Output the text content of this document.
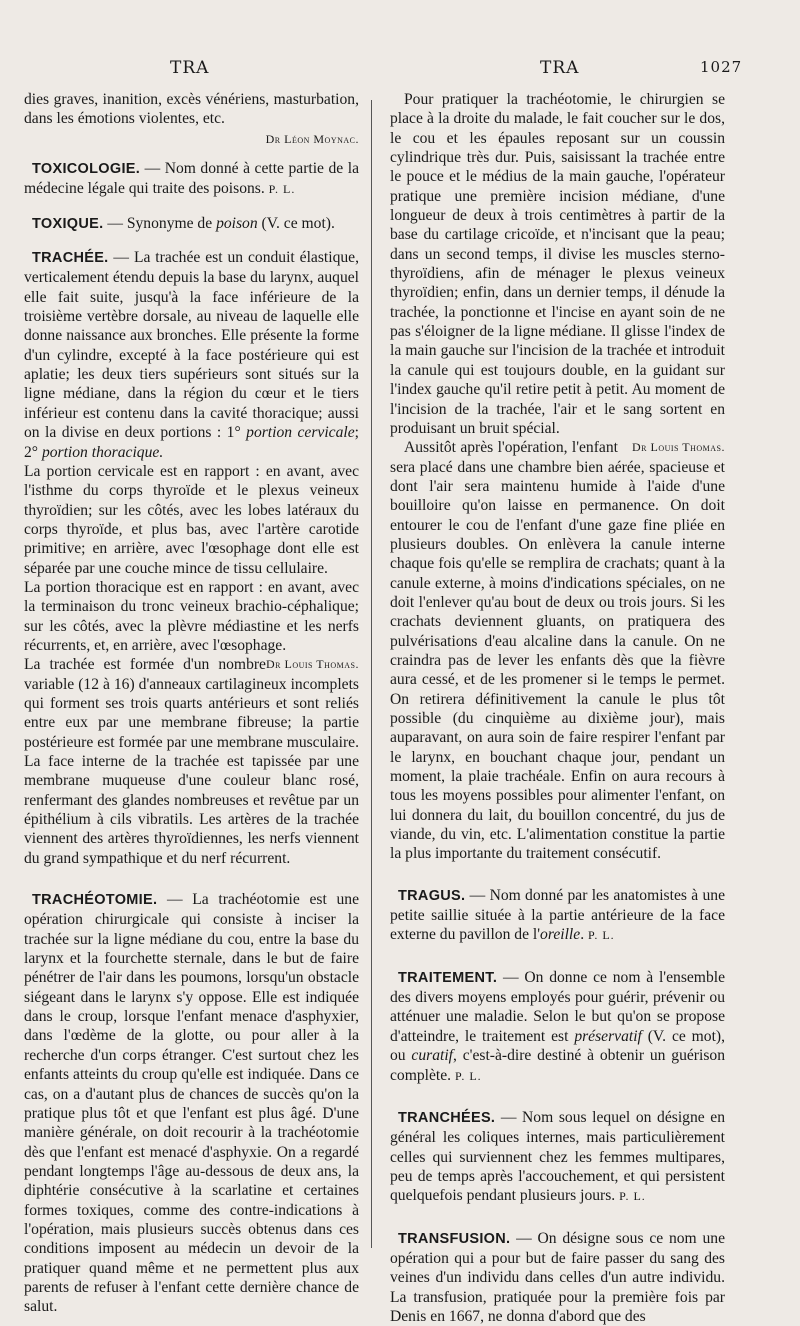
TRA	TRA	1027

dies graves, inanition, excès vénériens, masturbation, dans les émotions violentes, etc.

Dr Léon Moynac.

TOXICOLOGIE. — Nom donné à cette partie de la médecine légale qui traite des poisons. P. L.

TOXIQUE. — Synonyme de poison (V. ce mot).

TRACHÉE. — La trachée est un conduit élastique, verticalement étendu depuis la base du larynx, auquel elle fait suite, jusqu'à la face inférieure de la troisième vertèbre dorsale, au niveau de laquelle elle donne naissance aux bronches. Elle présente la forme d'un cylindre, excepté à la face postérieure qui est aplatie; les deux tiers supérieurs sont situés sur la ligne médiane, dans la région du cœur et le tiers inférieur est contenu dans la cavité thoracique; aussi on la divise en deux portions : 1° portion cervicale; 2° portion thoracique.

La portion cervicale est en rapport : en avant, avec l'isthme du corps thyroïde et le plexus veineux thyroïdien; sur les côtés, avec les lobes latéraux du corps thyroïde, et plus bas, avec l'artère carotide primitive; en arrière, avec l'œsophage dont elle est séparée par une couche mince de tissu cellulaire.

La portion thoracique est en rapport : en avant, avec la terminaison du tronc veineux brachio-céphalique; sur les côtés, avec la plèvre médiastine et les nerfs récurrents, et, en arrière, avec l'œsophage.

Dr Louis Thomas.
La trachée est formée d'un nombre variable (12 à 16) d'anneaux cartilagineux incomplets qui forment ses trois quarts antérieurs et sont reliés entre eux par une membrane fibreuse; la partie postérieure est formée par une membrane musculaire. La face interne de la trachée est tapissée par une membrane muqueuse d'une couleur blanc rosé, renfermant des glandes nombreuses et revêtue par un épithélium à cils vibratils. Les artères de la trachée viennent des artères thyroïdiennes, les nerfs viennent du grand sympathique et du nerf récurrent.

TRACHÉOTOMIE. — La trachéotomie est une opération chirurgicale qui consiste à inciser la trachée sur la ligne médiane du cou, entre la base du larynx et la fourchette sternale, dans le but de faire pénétrer de l'air dans les poumons, lorsqu'un obstacle siégeant dans le larynx s'y oppose. Elle est indiquée dans le croup, lorsque l'enfant menace d'asphyxier, dans l'œdème de la glotte, ou pour aller à la recherche d'un corps étranger. C'est surtout chez les enfants atteints du croup qu'elle est indiquée. Dans ce cas, on a d'autant plus de chances de succès qu'on la pratique plus tôt et que l'enfant est plus âgé. D'une manière générale, on doit recourir à la trachéotomie dès que l'enfant est menacé d'asphyxie. On a regardé pendant longtemps l'âge au-dessous de deux ans, la diphtérie consécutive à la scarlatine et certaines formes toxiques, comme des contre-indications à l'opération, mais plusieurs succès obtenus dans ces conditions imposent au médecin un devoir de la pratiquer quand même et ne permettent plus aux parents de refuser à l'enfant cette dernière chance de salut.

Pour pratiquer la trachéotomie, le chirurgien se place à la droite du malade, le fait coucher sur le dos, le cou et les épaules reposant sur un coussin cylindrique très dur. Puis, saisissant la trachée entre le pouce et le médius de la main gauche, l'opérateur pratique une première incision médiane, d'une longueur de deux à trois centimètres à partir de la base du cartilage cricoïde, et n'incisant que la peau; dans un second temps, il divise les muscles sterno-thyroïdiens, afin de ménager le plexus veineux thyroïdien; enfin, dans un dernier temps, il dénude la trachée, la ponctionne et l'incise en ayant soin de ne pas s'éloigner de la ligne médiane. Il glisse l'index de la main gauche sur l'incision de la trachée et introduit la canule qui est toujours double, en la guidant sur l'index gauche qu'il retire petit à petit. Au moment de l'incision de la trachée, l'air et le sang sortent en produisant un bruit spécial.

Dr Louis Thomas.
Aussitôt après l'opération, l'enfant sera placé dans une chambre bien aérée, spacieuse et dont l'air sera maintenu humide à l'aide d'une bouilloire qu'on laisse en permanence. On doit entourer le cou de l'enfant d'une gaze fine pliée en plusieurs doubles. On enlèvera la canule interne chaque fois qu'elle se remplira de crachats; quant à la canule externe, à moins d'indications spéciales, on ne doit l'enlever qu'au bout de deux ou trois jours. Si les crachats deviennent gluants, on pratiquera des pulvérisations d'eau alcaline dans la canule. On ne craindra pas de lever les enfants dès que la fièvre aura cessé, et de les promener si le temps le permet. On retirera définitivement la canule le plus tôt possible (du cinquième au dixième jour), mais auparavant, on aura soin de faire respirer l'enfant par le larynx, en bouchant chaque jour, pendant un moment, la plaie trachéale. Enfin on aura recours à tous les moyens possibles pour alimenter l'enfant, on lui donnera du lait, du bouillon concentré, du jus de viande, du vin, etc. L'alimentation constitue la partie la plus importante du traitement consécutif.

TRAGUS. — Nom donné par les anatomistes à une petite saillie située à la partie antérieure de la face externe du pavillon de l'oreille. P. L.

TRAITEMENT. — On donne ce nom à l'ensemble des divers moyens employés pour guérir, prévenir ou atténuer une maladie. Selon le but qu'on se propose d'atteindre, le traitement est préservatif (V. ce mot), ou curatif, c'est-à-dire destiné à obtenir un guérison complète. P. L.

TRANCHÉES. — Nom sous lequel on désigne en général les coliques internes, mais particulièrement celles qui surviennent chez les femmes multipares, peu de temps après l'accouchement, et qui persistent quelquefois pendant plusieurs jours. P. L.

TRANSFUSION. — On désigne sous ce nom une opération qui a pour but de faire passer du sang des veines d'un individu dans celles d'un autre individu. La transfusion, pratiquée pour la première fois par Denis en 1667, ne donna d'abord que des
